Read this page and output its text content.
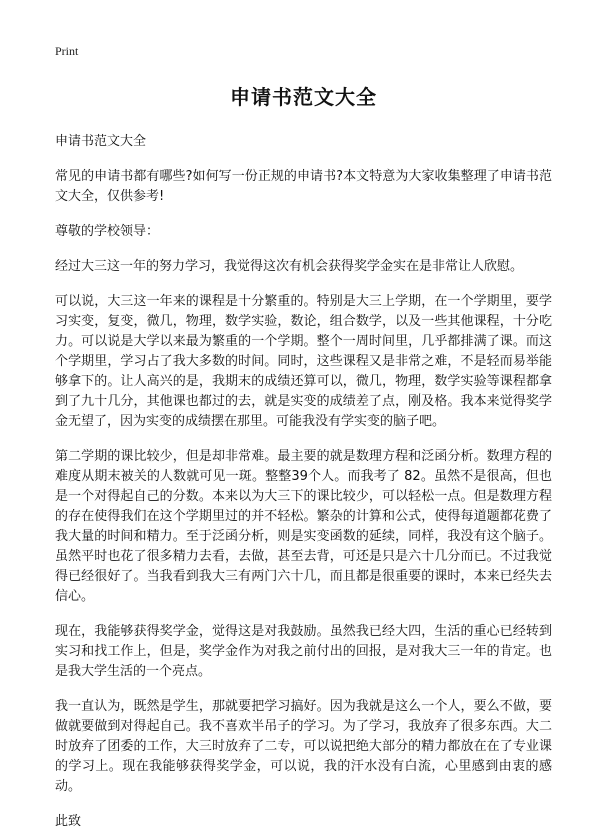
Print
申请书范文大全

申请书范文大全

常见的申请书都有哪些?如何写一份正规的申请书?本文特意为大家收集整理了申请书范文大全，仅供参考!

尊敬的学校领导：

经过大三这一年的努力学习，我觉得这次有机会获得奖学金实在是非常让人欣慰。

可以说，大三这一年来的课程是十分繁重的。特别是大三上学期，在一个学期里，要学习实变，复变，微几，物理，数学实验，数论，组合数学，以及一些其他课程，十分吃力。可以说是大学以来最为繁重的一个学期。整个一周时间里，几乎都排满了课。而这个学期里，学习占了我大多数的时间。同时，这些课程又是非常之难，不是轻而易举能够拿下的。让人高兴的是，我期末的成绩还算可以，微几，物理，数学实验等课程都拿到了九十几分，其他课也都过的去，就是实变的成绩差了点，刚及格。我本来觉得奖学金无望了，因为实变的成绩摆在那里。可能我没有学实变的脑子吧。

第二学期的课比较少，但是却非常难。最主要的就是数理方程和泛函分析。数理方程的难度从期末被关的人数就可见一斑。整整39个人。而我考了 82。虽然不是很高，但也是一个对得起自己的分数。本来以为大三下的课比较少，可以轻松一点。但是数理方程的存在使得我们在这个学期里过的并不轻松。繁杂的计算和公式，使得每道题都花费了我大量的时间和精力。至于泛函分析，则是实变函数的延续，同样，我没有这个脑子。虽然平时也花了很多精力去看，去做，甚至去背，可还是只是六十几分而已。不过我觉得已经很好了。当我看到我大三有两门六十几，而且都是很重要的课时，本来已经失去信心。

现在，我能够获得奖学金，觉得这是对我鼓励。虽然我已经大四，生活的重心已经转到实习和找工作上，但是，奖学金作为对我之前付出的回报，是对我大三一年的肯定。也是我大学生活的一个亮点。

我一直认为，既然是学生，那就要把学习搞好。因为我就是这么一个人，要么不做，要做就要做到对得起自己。我不喜欢半吊子的学习。为了学习，我放弃了很多东西。大二时放弃了团委的工作，大三时放弃了二专，可以说把绝大部分的精力都放在在了专业课的学习上。现在我能够获得奖学金，可以说，我的汗水没有白流，心里感到由衷的感动。

此致
